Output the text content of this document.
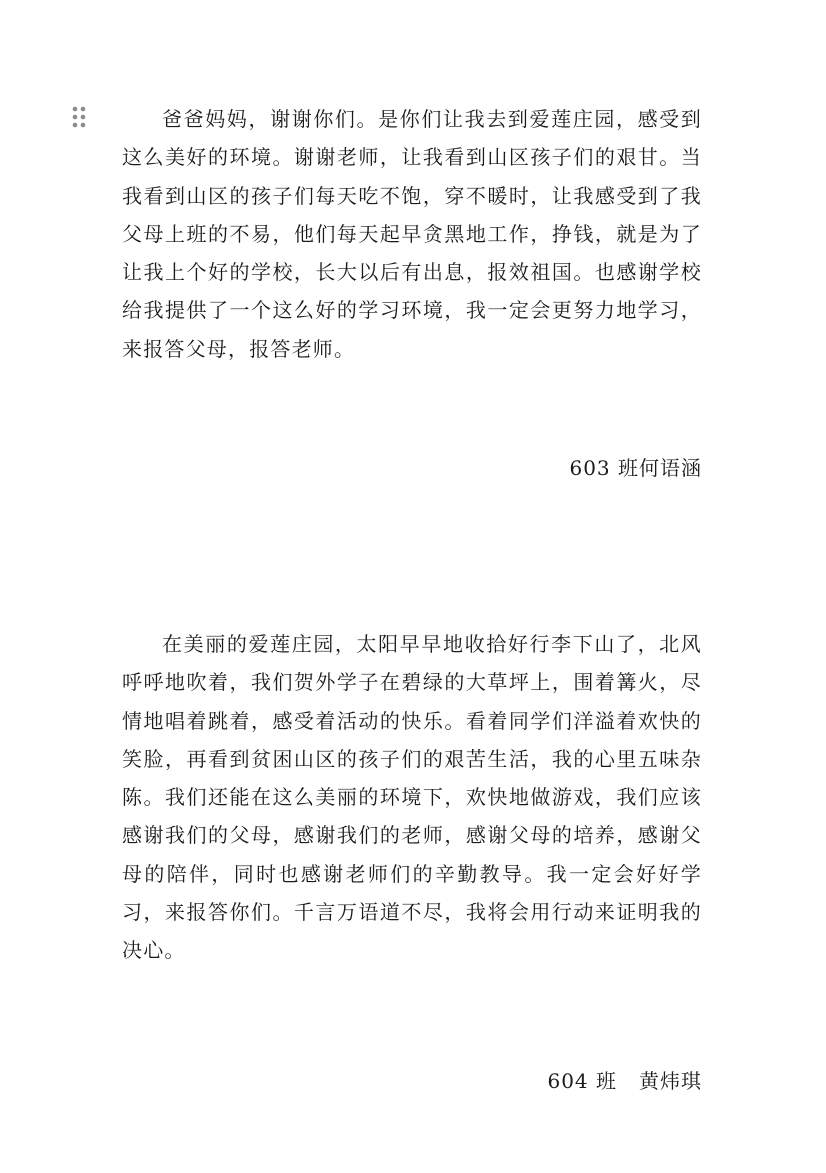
爸爸妈妈，谢谢你们。是你们让我去到爱莲庄园，感受到这么美好的环境。谢谢老师，让我看到山区孩子们的艰甘。当我看到山区的孩子们每天吃不饱，穿不暖时，让我感受到了我父母上班的不易，他们每天起早贪黑地工作，挣钱，就是为了让我上个好的学校，长大以后有出息，报效祖国。也感谢学校给我提供了一个这么好的学习环境，我一定会更努力地学习，来报答父母，报答老师。

603 班何语涵

在美丽的爱莲庄园，太阳早早地收拾好行李下山了，北风呼呼地吹着，我们贺外学子在碧绿的大草坪上，围着篝火，尽情地唱着跳着，感受着活动的快乐。看着同学们洋溢着欢快的笑脸，再看到贫困山区的孩子们的艰苦生活，我的心里五味杂陈。我们还能在这么美丽的环境下，欢快地做游戏，我们应该感谢我们的父母，感谢我们的老师，感谢父母的培养，感谢父母的陪伴，同时也感谢老师们的辛勤教导。我一定会好好学习，来报答你们。千言万语道不尽，我将会用行动来证明我的决心。

604 班 黄炜琪
